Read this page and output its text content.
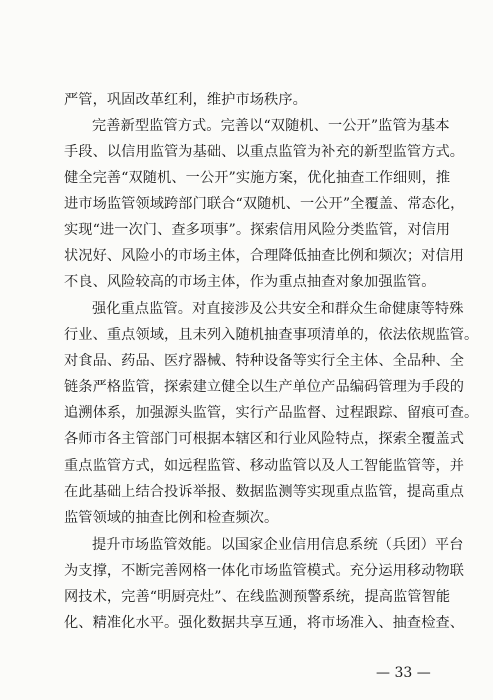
严管，巩固改革红利，维护市场秩序。
完善新型监管方式。完善以“双随机、一公开”监管为基本
手段、以信用监管为基础、以重点监管为补充的新型监管方式。
健全完善“双随机、一公开”实施方案，优化抽查工作细则，推
进市场监管领域跨部门联合“双随机、一公开”全覆盖、常态化，
实现“进一次门、查多项事”。探索信用风险分类监管，对信用
状况好、风险小的市场主体，合理降低抽查比例和频次；对信用
不良、风险较高的市场主体，作为重点抽查对象加强监管。
强化重点监管。对直接涉及公共安全和群众生命健康等特殊
行业、重点领域，且未列入随机抽查事项清单的，依法依规监管。
对食品、药品、医疗器械、特种设备等实行全主体、全品种、全
链条严格监管，探索建立健全以生产单位产品编码管理为手段的
追溯体系，加强源头监管，实行产品监督、过程跟踪、留痕可查。
各师市各主管部门可根据本辖区和行业风险特点，探索全覆盖式
重点监管方式，如远程监管、移动监管以及人工智能监管等，并
在此基础上结合投诉举报、数据监测等实现重点监管，提高重点
监管领域的抽查比例和检查频次。
提升市场监管效能。以国家企业信用信息系统（兵团）平台
为支撑，不断完善网格一体化市场监管模式。充分运用移动物联
网技术，完善“明厨亮灶”、在线监测预警系统，提高监管智能
化、精准化水平。强化数据共享互通，将市场准入、抽查检查、
— 33 —
